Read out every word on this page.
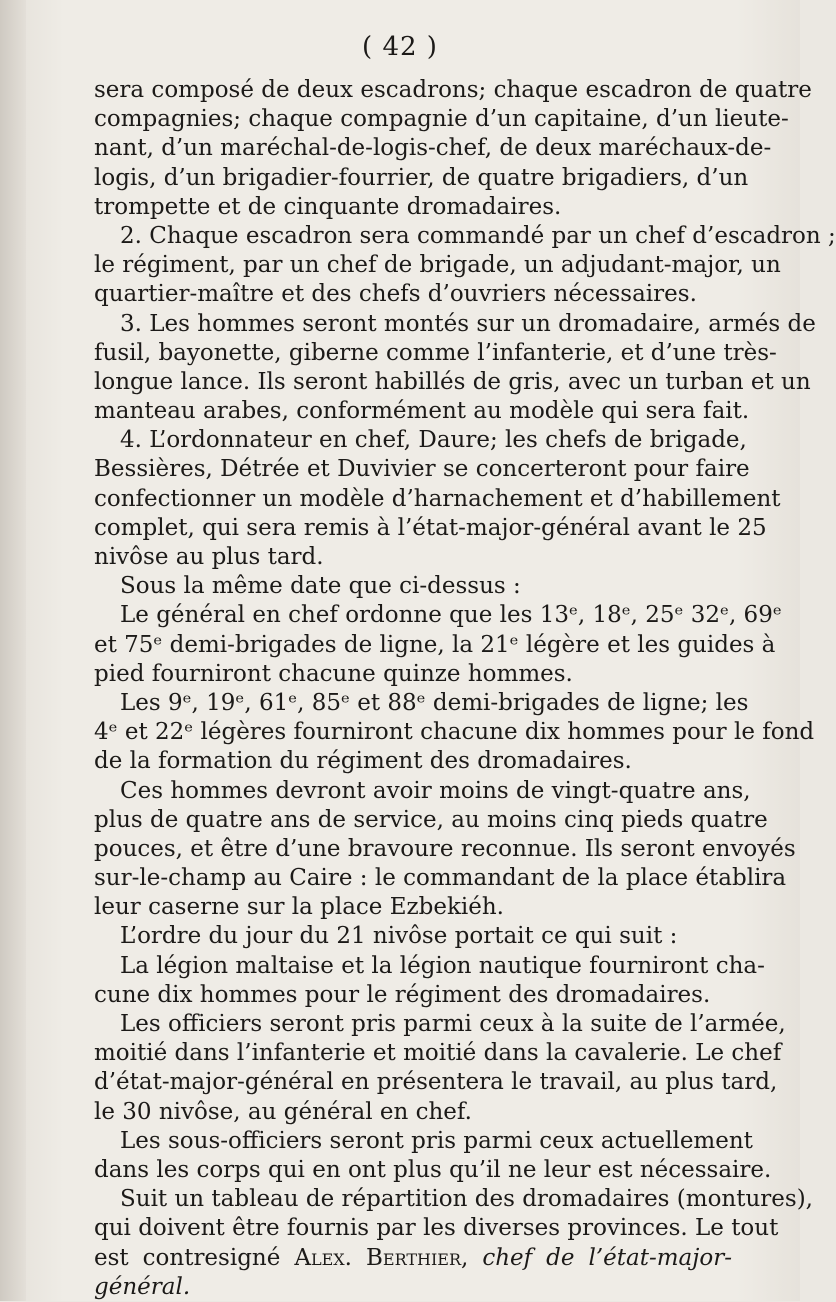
( 42 )
sera composé de deux escadrons; chaque escadron de quatre
compagnies; chaque compagnie d’un capitaine, d’un lieute-
nant, d’un maréchal-de-logis-chef, de deux maréchaux-de-
logis, d’un brigadier-fourrier, de quatre brigadiers, d’un
trompette et de cinquante dromadaires.
2. Chaque escadron sera commandé par un chef d’escadron ;
le régiment, par un chef de brigade, un adjudant-major, un
quartier-maître et des chefs d’ouvriers nécessaires.
3. Les hommes seront montés sur un dromadaire, armés de
fusil, bayonette, giberne comme l’infanterie, et d’une très-
longue lance. Ils seront habillés de gris, avec un turban et un
manteau arabes, conformément au modèle qui sera fait.
4. L’ordonnateur en chef, Daure; les chefs de brigade,
Bessières, Détrée et Duvivier se concerteront pour faire
confectionner un modèle d’harnachement et d’habillement
complet, qui sera remis à l’état-major-général avant le 25
nivôse au plus tard.
Sous la même date que ci-dessus :
Le général en chef ordonne que les 13ᵉ, 18ᵉ, 25ᵉ 32ᵉ, 69ᵉ
et 75ᵉ demi-brigades de ligne, la 21ᵉ légère et les guides à
pied fourniront chacune quinze hommes.
Les 9ᵉ, 19ᵉ, 61ᵉ, 85ᵉ et 88ᵉ demi-brigades de ligne; les
4ᵉ et 22ᵉ légères fourniront chacune dix hommes pour le fond
de la formation du régiment des dromadaires.
Ces hommes devront avoir moins de vingt-quatre ans,
plus de quatre ans de service, au moins cinq pieds quatre
pouces, et être d’une bravoure reconnue. Ils seront envoyés
sur-le-champ au Caire : le commandant de la place établira
leur caserne sur la place Ezbekiéh.
L’ordre du jour du 21 nivôse portait ce qui suit :
La légion maltaise et la légion nautique fourniront cha-
cune dix hommes pour le régiment des dromadaires.
Les officiers seront pris parmi ceux à la suite de l’armée,
moitié dans l’infanterie et moitié dans la cavalerie. Le chef
d’état-major-général en présentera le travail, au plus tard,
le 30 nivôse, au général en chef.
Les sous-officiers seront pris parmi ceux actuellement
dans les corps qui en ont plus qu’il ne leur est nécessaire.
Suit un tableau de répartition des dromadaires (montures),
qui doivent être fournis par les diverses provinces. Le tout
est contresigné Alex. Berthier, chef de l’état-major-
général.
